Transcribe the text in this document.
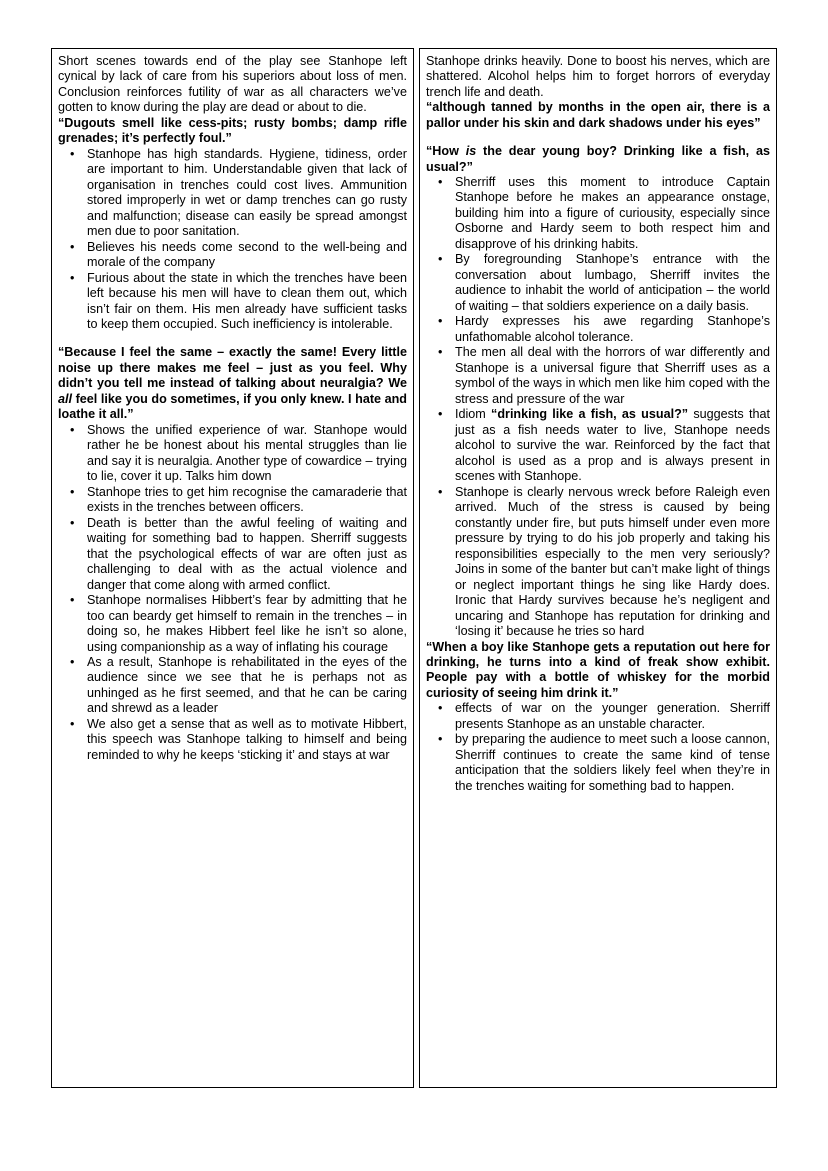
Short scenes towards end of the play see Stanhope left cynical by lack of care from his superiors about loss of men. Conclusion reinforces futility of war as all characters we’ve gotten to know during the play are dead or about to die.

“Dugouts smell like cess-pits; rusty bombs; damp rifle grenades; it’s perfectly foul.”

• Stanhope has high standards. Hygiene, tidiness, order are important to him. Understandable given that lack of organisation in trenches could cost lives. Ammunition stored improperly in wet or damp trenches can go rusty and malfunction; disease can easily be spread amongst men due to poor sanitation.
• Believes his needs come second to the well-being and morale of the company
• Furious about the state in which the trenches have been left because his men will have to clean them out, which isn’t fair on them. His men already have sufficient tasks to keep them occupied. Such inefficiency is intolerable.

“Because I feel the same – exactly the same! Every little noise up there makes me feel – just as you feel. Why didn’t you tell me instead of talking about neuralgia? We all feel like you do sometimes, if you only knew. I hate and loathe it all.”

• Shows the unified experience of war. Stanhope would rather he be honest about his mental struggles than lie and say it is neuralgia. Another type of cowardice – trying to lie, cover it up. Talks him down
• Stanhope tries to get him recognise the camaraderie that exists in the trenches between officers.
• Death is better than the awful feeling of waiting and waiting for something bad to happen. Sherriff suggests that the psychological effects of war are often just as challenging to deal with as the actual violence and danger that come along with armed conflict.
• Stanhope normalises Hibbert’s fear by admitting that he too can beardy get himself to remain in the trenches – in doing so, he makes Hibbert feel like he isn’t so alone, using companionship as a way of inflating his courage
• As a result, Stanhope is rehabilitated in the eyes of the audience since we see that he is perhaps not as unhinged as he first seemed, and that he can be caring and shrewd as a leader
• We also get a sense that as well as to motivate Hibbert, this speech was Stanhope talking to himself and being reminded to why he keeps ‘sticking it’ and stays at war

Stanhope drinks heavily. Done to boost his nerves, which are shattered. Alcohol helps him to forget horrors of everyday trench life and death.

“although tanned by months in the open air, there is a pallor under his skin and dark shadows under his eyes”

“How is the dear young boy? Drinking like a fish, as usual?”

• Sherriff uses this moment to introduce Captain Stanhope before he makes an appearance onstage, building him into a figure of curiousity, especially since Osborne and Hardy seem to both respect him and disapprove of his drinking habits.
• By foregrounding Stanhope’s entrance with the conversation about lumbago, Sherriff invites the audience to inhabit the world of anticipation – the world of waiting – that soldiers experience on a daily basis.
• Hardy expresses his awe regarding Stanhope’s unfathomable alcohol tolerance.
• The men all deal with the horrors of war differently and Stanhope is a universal figure that Sherriff uses as a symbol of the ways in which men like him coped with the stress and pressure of the war
• Idiom “drinking like a fish, as usual?” suggests that just as a fish needs water to live, Stanhope needs alcohol to survive the war. Reinforced by the fact that alcohol is used as a prop and is always present in scenes with Stanhope.
• Stanhope is clearly nervous wreck before Raleigh even arrived. Much of the stress is caused by being constantly under fire, but puts himself under even more pressure by trying to do his job properly and taking his responsibilities especially to the men very seriously? Joins in some of the banter but can’t make light of things or neglect important things he sing like Hardy does. Ironic that Hardy survives because he’s negligent and uncaring and Stanhope has reputation for drinking and ‘losing it’ because he tries so hard

“When a boy like Stanhope gets a reputation out here for drinking, he turns into a kind of freak show exhibit. People pay with a bottle of whiskey for the morbid curiosity of seeing him drink it.”

• effects of war on the younger generation. Sherriff presents Stanhope as an unstable character.
• by preparing the audience to meet such a loose cannon, Sherriff continues to create the same kind of tense anticipation that the soldiers likely feel when they’re in the trenches waiting for something bad to happen.
